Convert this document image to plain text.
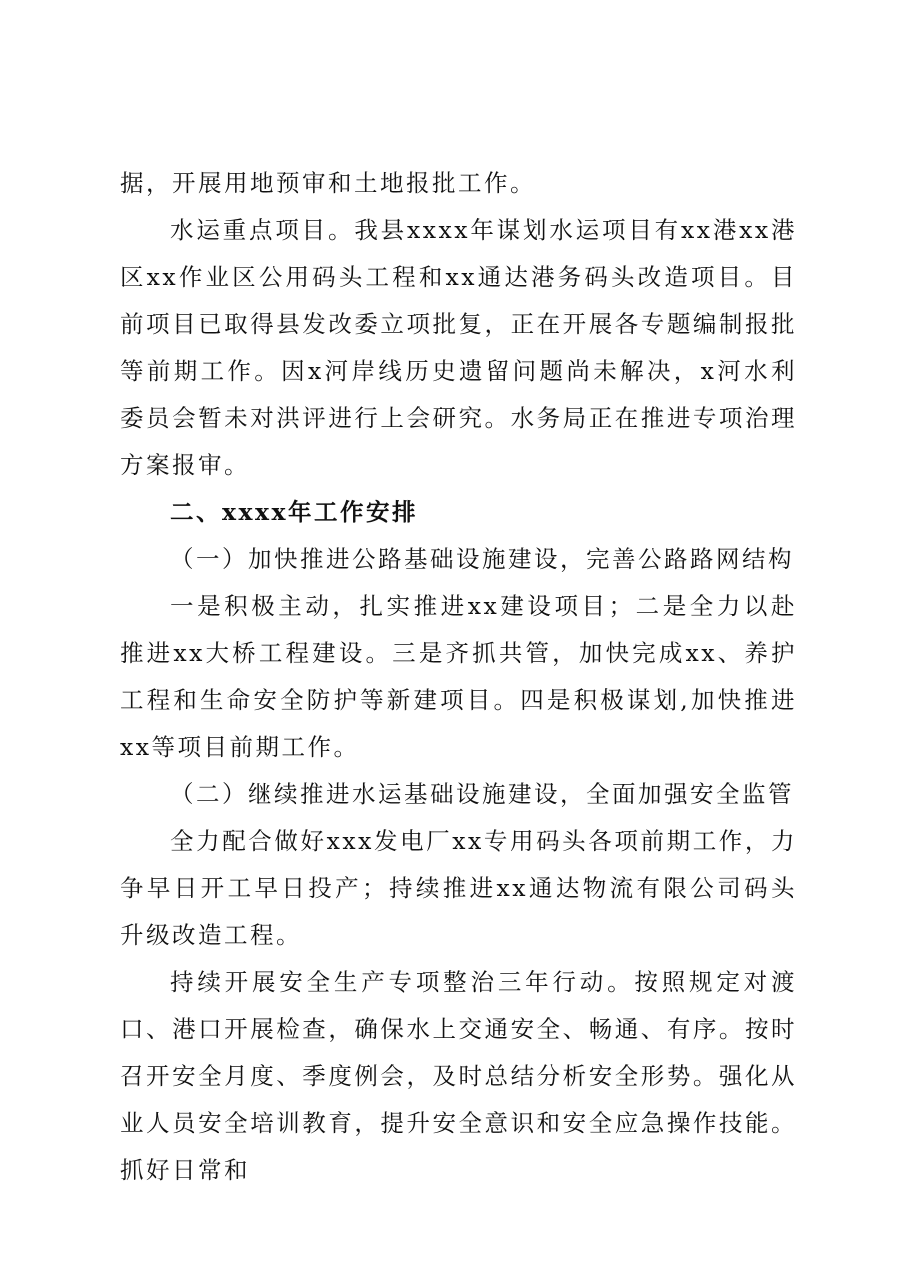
据，开展用地预审和土地报批工作。

水运重点项目。我县xxxx年谋划水运项目有xx港xx港区xx作业区公用码头工程和xx通达港务码头改造项目。目前项目已取得县发改委立项批复，正在开展各专题编制报批等前期工作。因x河岸线历史遗留问题尚未解决，x河水利委员会暂未对洪评进行上会研究。水务局正在推进专项治理方案报审。

二、xxxx年工作安排

（一）加快推进公路基础设施建设，完善公路路网结构

一是积极主动，扎实推进xx建设项目；二是全力以赴推进xx大桥工程建设。三是齐抓共管，加快完成xx、养护工程和生命安全防护等新建项目。四是积极谋划,加快推进xx等项目前期工作。

（二）继续推进水运基础设施建设，全面加强安全监管

全力配合做好xxx发电厂xx专用码头各项前期工作，力争早日开工早日投产；持续推进xx通达物流有限公司码头升级改造工程。

持续开展安全生产专项整治三年行动。按照规定对渡口、港口开展检查，确保水上交通安全、畅通、有序。按时召开安全月度、季度例会，及时总结分析安全形势。强化从业人员安全培训教育，提升安全意识和安全应急操作技能。抓好日常和
